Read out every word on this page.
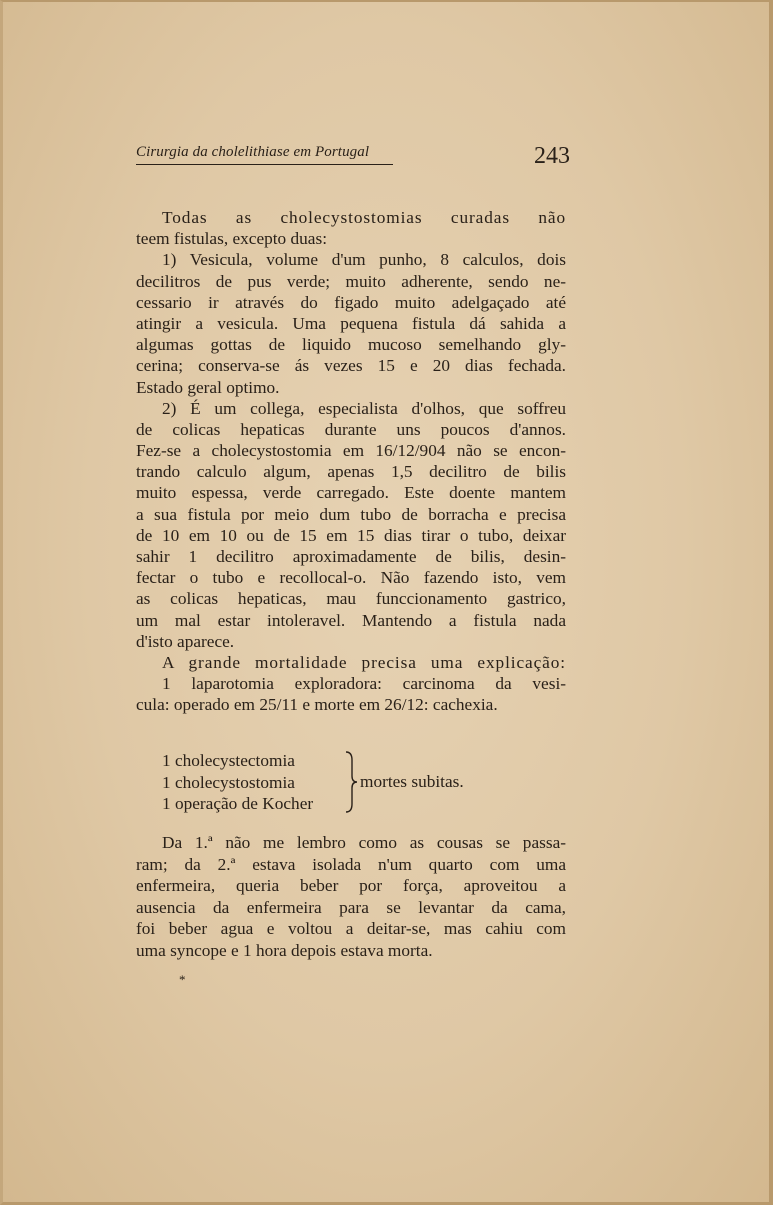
Cirurgia da cholelithiase em Portugal	243
Todas as cholecystostomias curadas não
teem fistulas, excepto duas:
1) Vesicula, volume d'um punho, 8 calculos, dois
decilitros de pus verde; muito adherente, sendo ne-
cessario ir através do figado muito adelgaçado até
atingir a vesicula. Uma pequena fistula dá sahida a
algumas gottas de liquido mucoso semelhando gly-
cerina; conserva-se ás vezes 15 e 20 dias fechada.
Estado geral optimo.
2) É um collega, especialista d'olhos, que soffreu
de colicas hepaticas durante uns poucos d'annos.
Fez-se a cholecystostomia em 16/12/904 não se encon-
trando calculo algum, apenas 1,5 decilitro de bilis
muito espessa, verde carregado. Este doente mantem
a sua fistula por meio dum tubo de borracha e precisa
de 10 em 10 ou de 15 em 15 dias tirar o tubo, deixar
sahir 1 decilitro aproximadamente de bilis, desin-
fectar o tubo e recollocal-o. Não fazendo isto, vem
as colicas hepaticas, mau funccionamento gastrico,
um mal estar intoleravel. Mantendo a fistula nada
d'isto aparece.
A grande mortalidade precisa uma explicação:
1 laparotomia exploradora: carcinoma da vesi-
cula: operado em 25/11 e morte em 26/12: cachexia.
1 cholecystectomia
1 cholecystostomia
1 operação de Kocher
mortes subitas.
Da 1.ª não me lembro como as cousas se passa-
ram; da 2.ª estava isolada n'um quarto com uma
enfermeira, queria beber por força, aproveitou a
ausencia da enfermeira para se levantar da cama,
foi beber agua e voltou a deitar-se, mas cahiu com
uma syncope e 1 hora depois estava morta.
*
